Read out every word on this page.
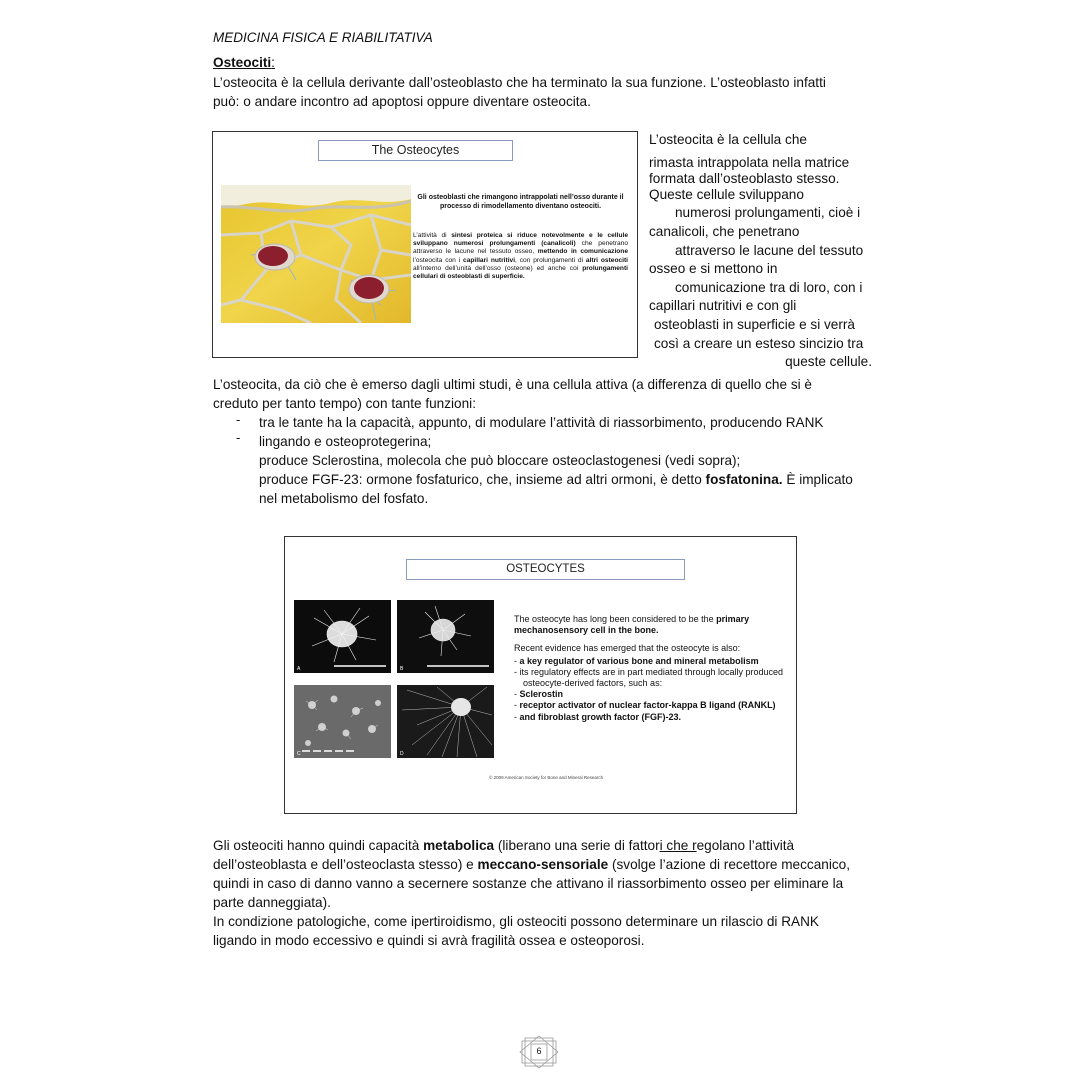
MEDICINA FISICA E RIABILITATIVA
Osteociti:
L’osteocita è la cellula derivante dall’osteoblasto che ha terminato la sua funzione. L’osteoblasto infatti
può: o andare incontro ad apoptosi oppure diventare osteocita.
The Osteocytes
Gli osteoblasti che rimangono intrappolati nell’osso durante il processo di rimodellamento diventano osteociti.
L’attività di sintesi proteica si riduce notevolmente e le cellule sviluppano numerosi prolungamenti (canalicoli) che penetrano attraverso le lacune nel tessuto osseo, mettendo in comunicazione l’osteocita con i capillari nutritivi, con prolungamenti di altri osteociti all’interno dell’unità dell’osso (osteone) ed anche coi prolungamenti cellulari di osteoblasti di superficie.
L’osteocita è la cellula che
rimasta intrappolata nella matrice
formata dall’osteoblasto stesso.
Queste cellule sviluppano
numerosi prolungamenti, cioè i
canalicoli, che penetrano
attraverso le lacune del tessuto
osseo e si mettono in
comunicazione tra di loro, con i
capillari nutritivi e con gli
osteoblasti in superficie e si verrà
così a creare un esteso sincizio tra
queste cellule.
L’osteocita, da ciò che è emerso dagli ultimi studi, è una cellula attiva (a differenza di quello che si è
creduto per tanto tempo) con tante funzioni:
-
-
tra le tante ha la capacità, appunto, di modulare l’attività di riassorbimento, producendo RANK
lingando e osteoprotegerina;
produce Sclerostina, molecola che può bloccare osteoclastogenesi (vedi sopra);
produce FGF-23: ormone fosfaturico, che, insieme ad altri ormoni, è detto fosfatonina. È implicato
nel metabolismo del fosfato.
OSTEOCYTES
A	B
C	D

The osteocyte has long been considered to be the primary mechanosensory cell in the bone.

Recent evidence has emerged that the osteocyte is also:

- a key regulator of various bone and mineral metabolism
- its regulatory effects are in part mediated through locally produced osteocyte-derived factors, such as:
- Sclerostin
- receptor activator of nuclear factor-kappa B ligand (RANKL)
- and fibroblast growth factor (FGF)-23.
© 2009 American Society for Bone and Mineral Research
Gli osteociti hanno quindi capacità metabolica (liberano una serie di fattori che regolano l’attività
dell’osteoblasta e dell’osteoclasta stesso) e meccano-sensoriale (svolge l’azione di recettore meccanico,
quindi in caso di danno vanno a secernere sostanze che attivano il riassorbimento osseo per eliminare la
parte danneggiata).
In condizione patologiche, come ipertiroidismo, gli osteociti possono determinare un rilascio di RANK
ligando in modo eccessivo e quindi si avrà fragilità ossea e osteoporosi.
6
